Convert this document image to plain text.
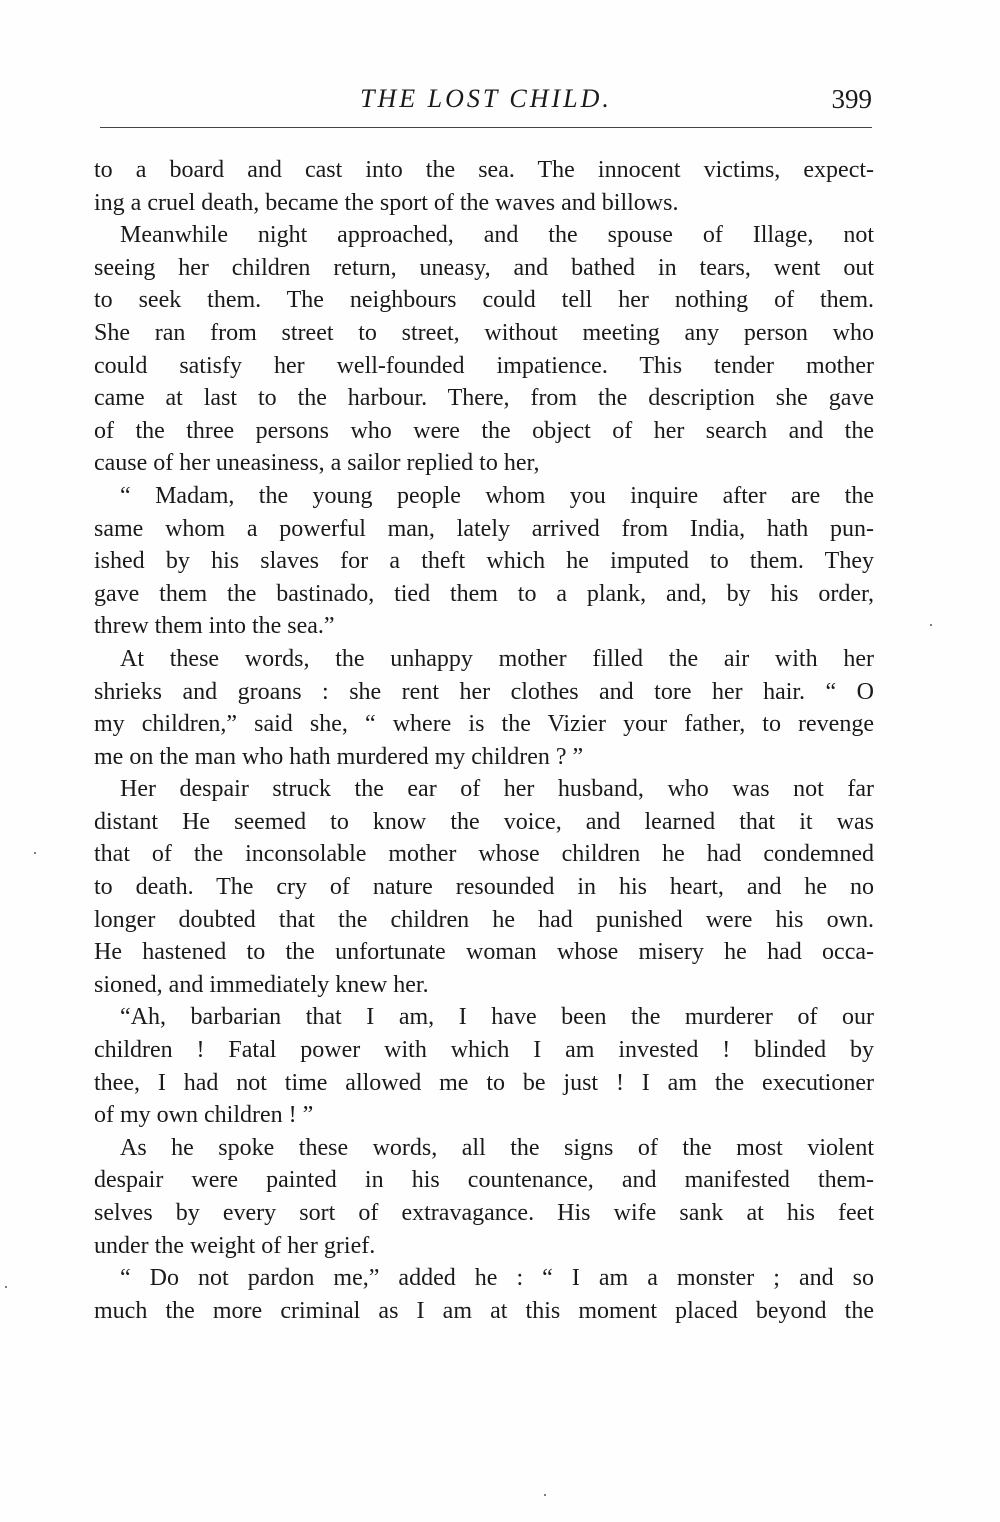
THE LOST CHILD.	399
to a board and cast into the sea. The innocent victims, expect-
ing a cruel death, became the sport of the waves and billows.
Meanwhile night approached, and the spouse of Illage, not
seeing her children return, uneasy, and bathed in tears, went out
to seek them. The neighbours could tell her nothing of them.
She ran from street to street, without meeting any person who
could satisfy her well-founded impatience. This tender mother
came at last to the harbour. There, from the description she gave
of the three persons who were the object of her search and the
cause of her uneasiness, a sailor replied to her,
“ Madam, the young people whom you inquire after are the
same whom a powerful man, lately arrived from India, hath pun-
ished by his slaves for a theft which he imputed to them. They
gave them the bastinado, tied them to a plank, and, by his order,
threw them into the sea.”
At these words, the unhappy mother filled the air with her
shrieks and groans : she rent her clothes and tore her hair. “ O
my children,” said she, “ where is the Vizier your father, to revenge
me on the man who hath murdered my children ? ”
Her despair struck the ear of her husband, who was not far
distant He seemed to know the voice, and learned that it was
that of the inconsolable mother whose children he had condemned
to death. The cry of nature resounded in his heart, and he no
longer doubted that the children he had punished were his own.
He hastened to the unfortunate woman whose misery he had occa-
sioned, and immediately knew her.
“Ah, barbarian that I am, I have been the murderer of our
children ! Fatal power with which I am invested ! blinded by
thee, I had not time allowed me to be just ! I am the executioner
of my own children ! ”
As he spoke these words, all the signs of the most violent
despair were painted in his countenance, and manifested them-
selves by every sort of extravagance. His wife sank at his feet
under the weight of her grief.
“ Do not pardon me,” added he : “ I am a monster ; and so
much the more criminal as I am at this moment placed beyond the
